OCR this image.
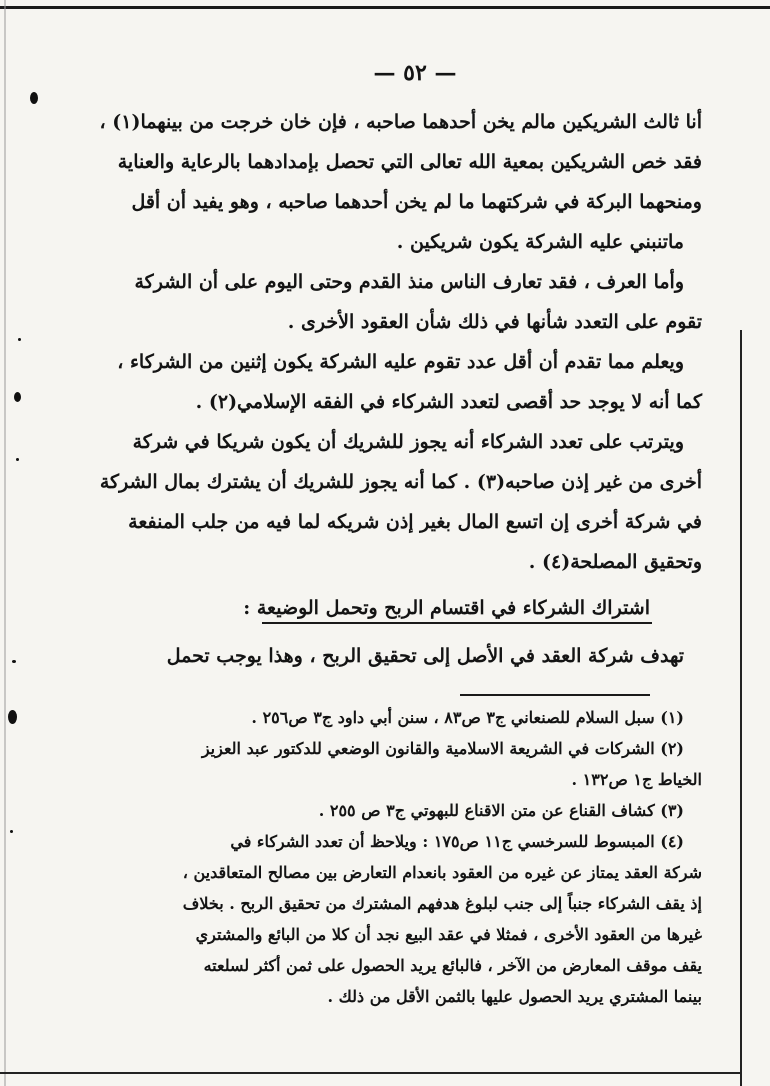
— ٥٢ —
أنا ثالث الشريكين مالم يخن أحدهما صاحبه ، فإن خان خرجت من بينهما(١) ،
فقد خص الشريكين بمعية الله تعالى التي تحصل بإمدادهما بالرعاية والعناية
ومنحهما البركة في شركتهما ما لم يخن أحدهما صاحبه ، وهو يفيد أن أقل
ماتنبني عليه الشركة يكون شريكين .
وأما العرف ، فقد تعارف الناس منذ القدم وحتى اليوم على أن الشركة
تقوم على التعدد شأنها في ذلك شأن العقود الأخرى .
ويعلم مما تقدم أن أقل عدد تقوم عليه الشركة يكون إثنين من الشركاء ،
كما أنه لا يوجد حد أقصى لتعدد الشركاء في الفقه الإسلامي(٢) .
ويترتب على تعدد الشركاء أنه يجوز للشريك أن يكون شريكا في شركة
أخرى من غير إذن صاحبه(٣) . كما أنه يجوز للشريك أن يشترك بمال الشركة
في شركة أخرى إن اتسع المال بغير إذن شريكه لما فيه من جلب المنفعة
وتحقيق المصلحة(٤) .
اشتراك الشركاء في اقتسام الربح وتحمل الوضيعة :
تهدف شركة العقد في الأصل إلى تحقيق الربح ، وهذا يوجب تحمل
(١) سبل السلام للصنعاني ج٣ ص٨٣ ، سنن أبي داود ج٣ ص٢٥٦ .
(٢) الشركات في الشريعة الاسلامية والقانون الوضعي للدكتور عبد العزيز
الخياط ج١ ص١٣٢ .
(٣) كشاف القناع عن متن الاقناع للبهوتي ج٣ ص ٢٥٥ .
(٤) المبسوط للسرخسي ج١١ ص١٧٥ : ويلاحظ أن تعدد الشركاء في
شركة العقد يمتاز عن غيره من العقود بانعدام التعارض بين مصالح المتعاقدين ،
إذ يقف الشركاء جنباً إلى جنب لبلوغ هدفهم المشترك من تحقيق الربح . بخلاف
غيرها من العقود الأخرى ، فمثلا في عقد البيع نجد أن كلا من البائع والمشتري
يقف موقف المعارض من الآخر ، فالبائع يريد الحصول على ثمن أكثر لسلعته
بينما المشتري يريد الحصول عليها بالثمن الأقل من ذلك .
